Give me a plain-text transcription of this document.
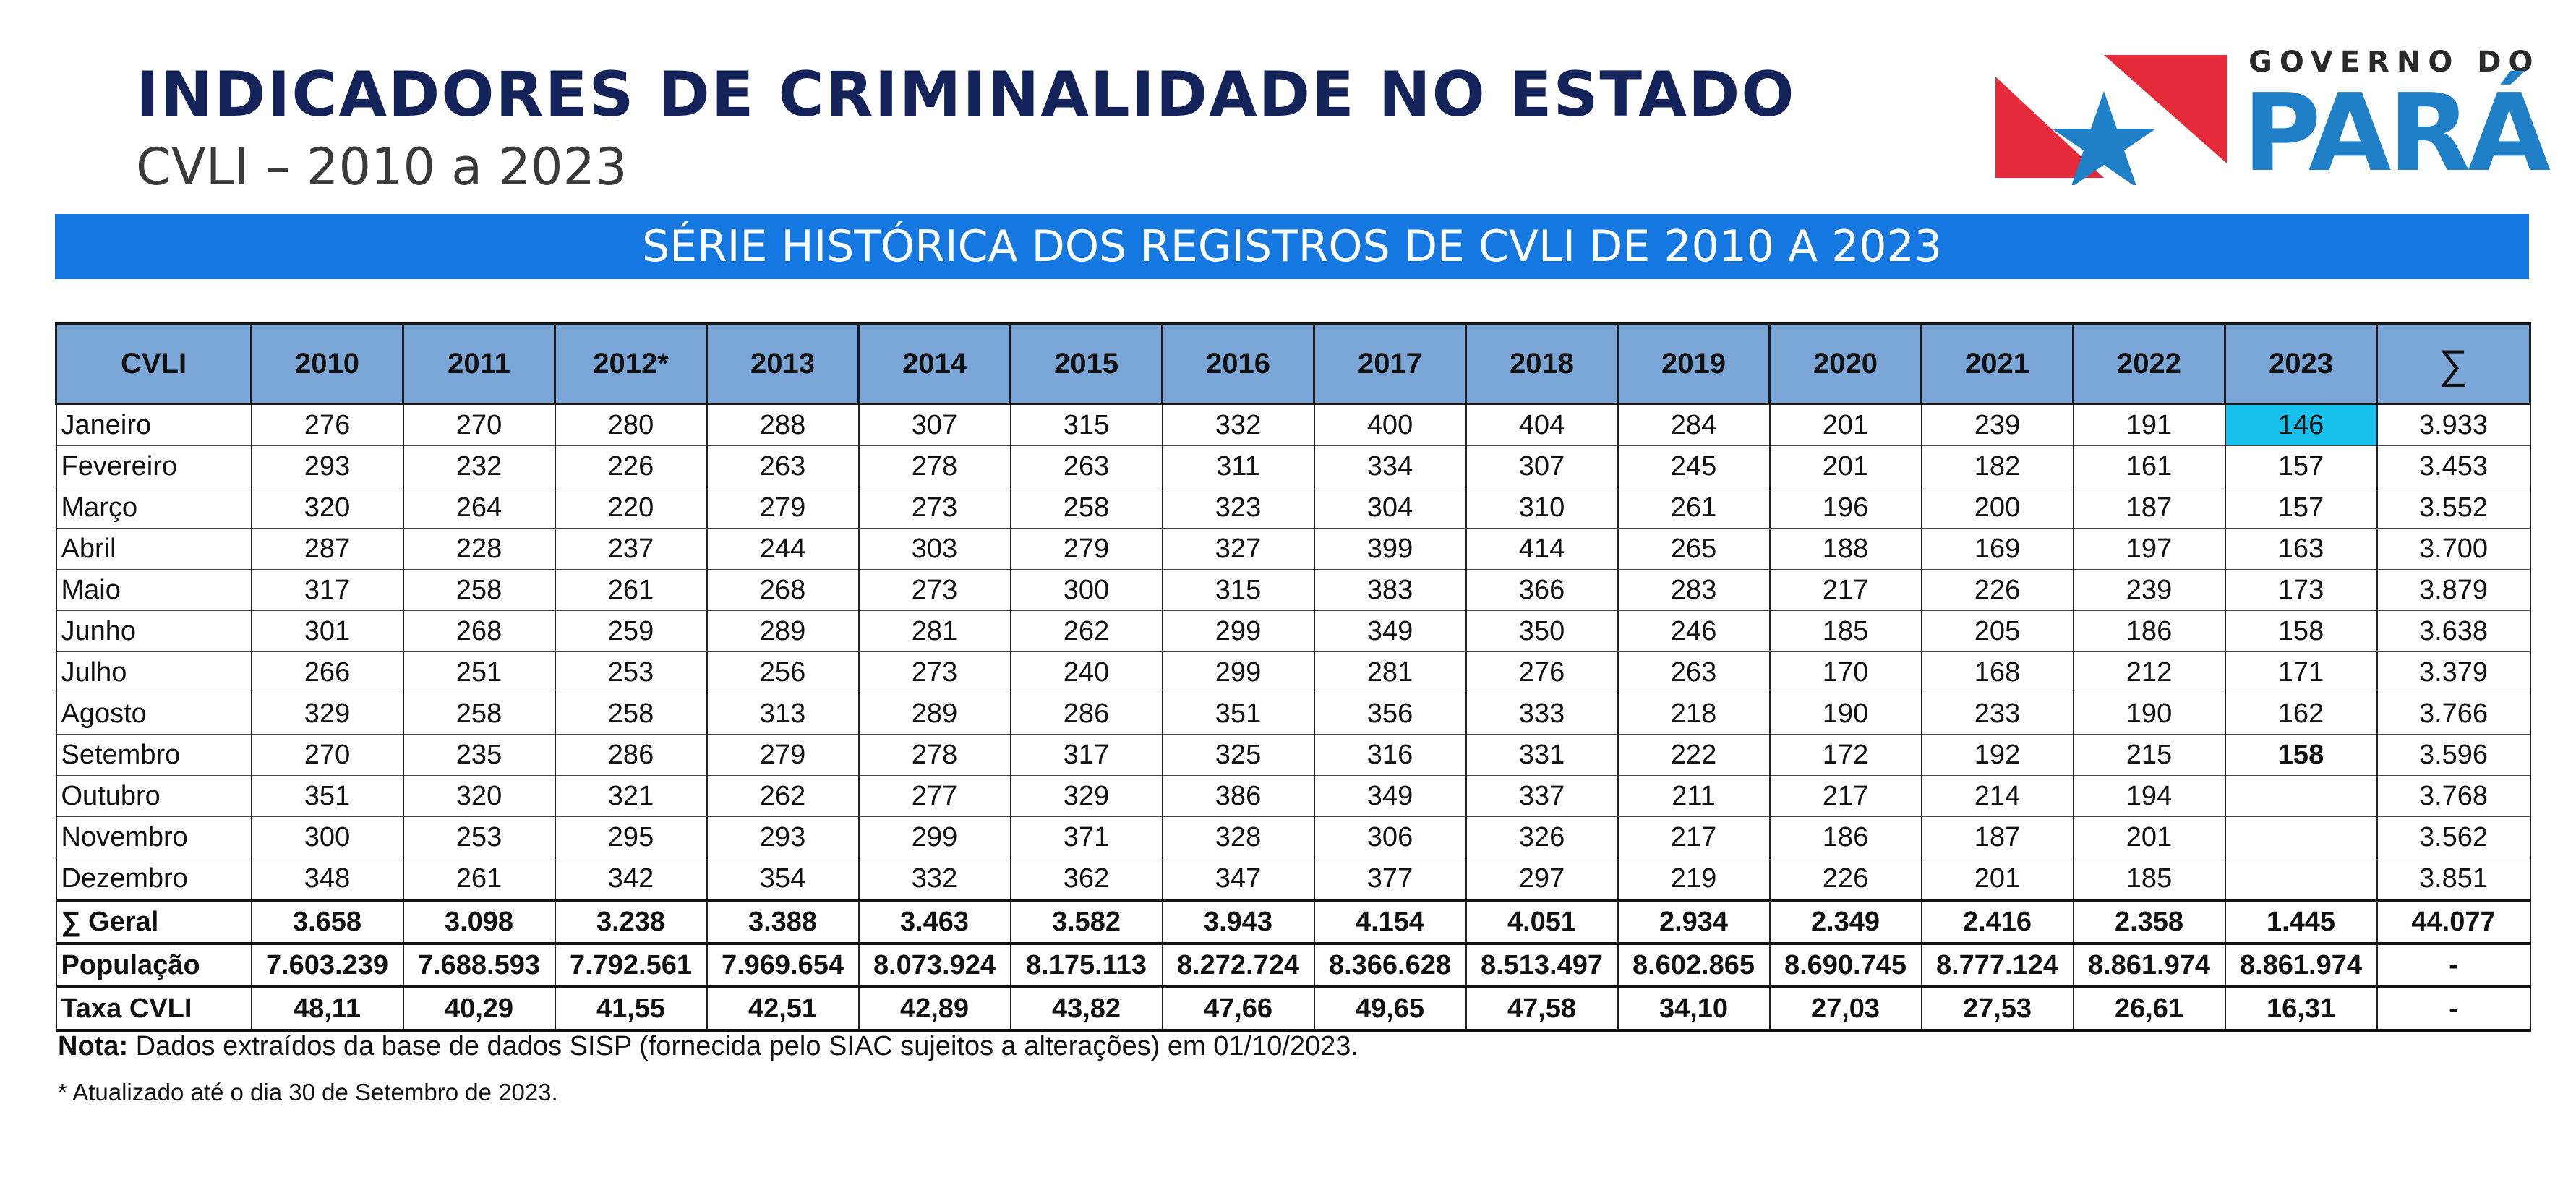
INDICADORES DE CRIMINALIDADE NO ESTADO
CVLI – 2010 a 2023
GOVERNO DO
PARÁ
SÉRIE HISTÓRICA DOS REGISTROS DE CVLI DE 2010 A 2023
CVLI	2010	2011	2012*	2013	2014	2015	2016	2017	2018	2019	2020	2021	2022	2023	∑
Janeiro	276	270	280	288	307	315	332	400	404	284	201	239	191	146	3.933
Fevereiro	293	232	226	263	278	263	311	334	307	245	201	182	161	157	3.453
Março	320	264	220	279	273	258	323	304	310	261	196	200	187	157	3.552
Abril	287	228	237	244	303	279	327	399	414	265	188	169	197	163	3.700
Maio	317	258	261	268	273	300	315	383	366	283	217	226	239	173	3.879
Junho	301	268	259	289	281	262	299	349	350	246	185	205	186	158	3.638
Julho	266	251	253	256	273	240	299	281	276	263	170	168	212	171	3.379
Agosto	329	258	258	313	289	286	351	356	333	218	190	233	190	162	3.766
Setembro	270	235	286	279	278	317	325	316	331	222	172	192	215	158	3.596
Outubro	351	320	321	262	277	329	386	349	337	211	217	214	194		3.768
Novembro	300	253	295	293	299	371	328	306	326	217	186	187	201		3.562
Dezembro	348	261	342	354	332	362	347	377	297	219	226	201	185		3.851
∑ Geral	3.658	3.098	3.238	3.388	3.463	3.582	3.943	4.154	4.051	2.934	2.349	2.416	2.358	1.445	44.077
População	7.603.239	7.688.593	7.792.561	7.969.654	8.073.924	8.175.113	8.272.724	8.366.628	8.513.497	8.602.865	8.690.745	8.777.124	8.861.974	8.861.974	-
Taxa CVLI	48,11	40,29	41,55	42,51	42,89	43,82	47,66	49,65	47,58	34,10	27,03	27,53	26,61	16,31	-
Nota: Dados extraídos da base de dados SISP (fornecida pelo SIAC sujeitos a alterações) em 01/10/2023.
* Atualizado até o dia 30 de Setembro de 2023.
